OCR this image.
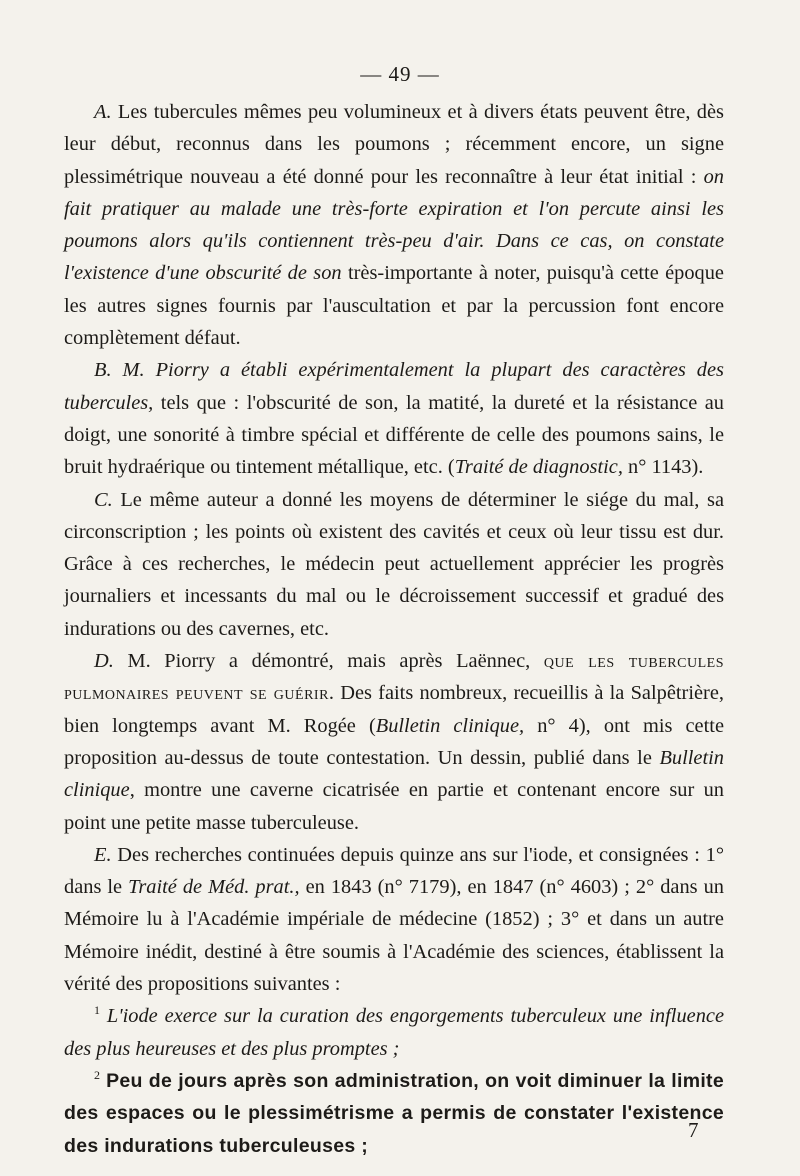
— 49 —

A. Les tubercules mêmes peu volumineux et à divers états peuvent être, dès leur début, reconnus dans les poumons ; récemment encore, un signe plessimétrique nouveau a été donné pour les reconnaître à leur état initial : on fait pratiquer au malade une très-forte expiration et l'on percute ainsi les poumons alors qu'ils contiennent très-peu d'air. Dans ce cas, on constate l'existence d'une obscurité de son très-importante à noter, puisqu'à cette époque les autres signes fournis par l'auscultation et par la percussion font encore complètement défaut.

B. M. Piorry a établi expérimentalement la plupart des caractères des tubercules, tels que : l'obscurité de son, la matité, la dureté et la résistance au doigt, une sonorité à timbre spécial et différente de celle des poumons sains, le bruit hydraérique ou tintement métallique, etc. (Traité de diagnostic, n° 1143).

C. Le même auteur a donné les moyens de déterminer le siége du mal, sa circonscription ; les points où existent des cavités et ceux où leur tissu est dur. Grâce à ces recherches, le médecin peut actuellement apprécier les progrès journaliers et incessants du mal ou le décroissement successif et gradué des indurations ou des cavernes, etc.

D. M. Piorry a démontré, mais après Laënnec, que les tubercules pulmonaires peuvent se guérir. Des faits nombreux, recueillis à la Salpêtrière, bien longtemps avant M. Rogée (Bulletin clinique, n° 4), ont mis cette proposition au-dessus de toute contestation. Un dessin, publié dans le Bulletin clinique, montre une caverne cicatrisée en partie et contenant encore sur un point une petite masse tuberculeuse.

E. Des recherches continuées depuis quinze ans sur l'iode, et consignées : 1° dans le Traité de Méd. prat., en 1843 (n° 7179), en 1847 (n° 4603) ; 2° dans un Mémoire lu à l'Académie impériale de médecine (1852) ; 3° et dans un autre Mémoire inédit, destiné à être soumis à l'Académie des sciences, établissent la vérité des propositions suivantes :

$^1$ L'iode exerce sur la curation des engorgements tuberculeux une influence des plus heureuses et des plus promptes ;

$^2$ Peu de jours après son administration, on voit diminuer la limite des espaces ou le plessimétrisme a permis de constater l'existence des indurations tuberculeuses ;

7
